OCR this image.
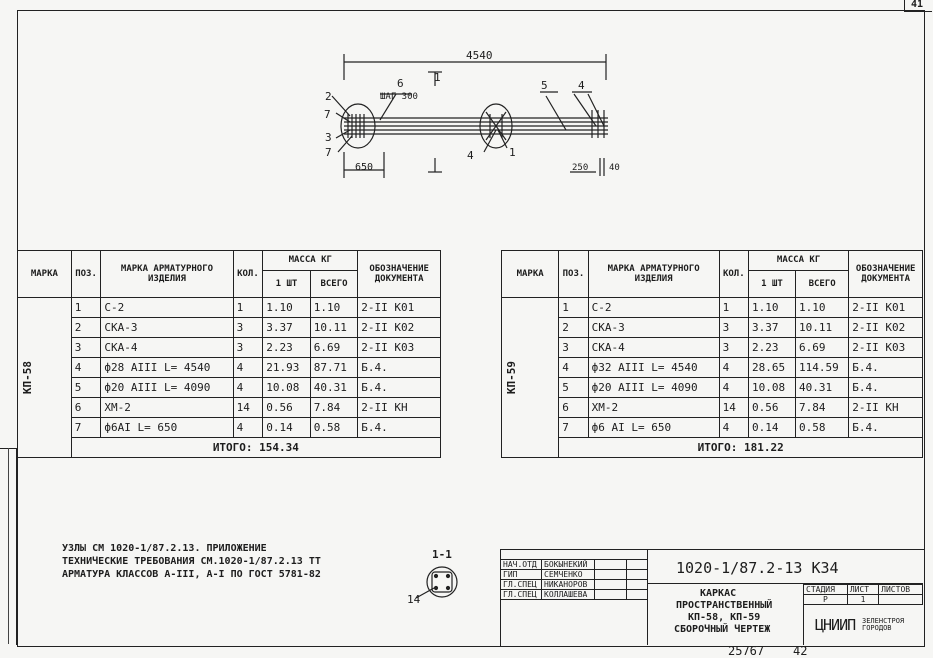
41
4540
ШАГ 300
650	250 40
2
7
3
7
6	1
5	4
4	1
МАРКА	ПОЗ.	МАРКА АРМАТУРНОГО ИЗДЕЛИЯ	КОЛ.	МАССА КГ		ОБОЗНАЧЕНИЕ ДОКУМЕНТА
				1 ШТ	ВСЕГО	

КП-58	1	С-2	1	1.10	1.10	2-II К01
	2	СКА-3	3	3.37	10.11	2-II К02
	3	СКА-4	3	2.23	6.69	2-II К03
	4	ф28 АIII L= 4540	4	21.93	87.71	Б.4.
	5	ф20 АIII L= 4090	4	10.08	40.31	Б.4.
	6	ХМ-2	14	0.56	7.84	2-II КН
	7	ф6АI L= 650	4	0.14	0.58	Б.4.
	ИТОГО: 154.34					
МАРКА	ПОЗ.	МАРКА АРМАТУРНОГО ИЗДЕЛИЯ	КОЛ.	МАССА КГ		ОБОЗНАЧЕНИЕ ДОКУМЕНТА
				1 ШТ	ВСЕГО	

КП-59	1	С-2	1	1.10	1.10	2-II К01
	2	СКА-3	3	3.37	10.11	2-II К02
	3	СКА-4	3	2.23	6.69	2-II К03
	4	ф32 АIII L= 4540	4	28.65	114.59	Б.4.
	5	ф20 АIII L= 4090	4	10.08	40.31	Б.4.
	6	ХМ-2	14	0.56	7.84	2-II КН
	7	ф6 АI L= 650	4	0.14	0.58	Б.4.
	ИТОГО: 181.22					
УЗЛЫ СМ 1020-1/87.2.13. ПРИЛОЖЕНИЕ
ТЕХНИЧЕСКИЕ ТРЕБОВАНИЯ СМ.1020-1/87.2.13 ТТ
АРМАТУРА КЛАССОВ А-III, А-I ПО ГОСТ 5781-82
1-1
14
НАЧ.ОТД	БОКЫНЕКИЙ		
ГИП	СЕМЧЕНКО		
ГЛ.СПЕЦ	НИКАНОРОВ		
ГЛ.СПЕЦ	КОЛЛАШЕВА		
1020-1/87.2-13 КЗ4
КАРКАС
ПРОСТРАНСТВЕННЫЙ
КП-58, КП-59
СБОРОЧНЫЙ ЧЕРТЕЖ
СТАДИЯ	ЛИСТ	ЛИСТОВ
Р	1	
ЦНИИП ЗЕЛЕНСТРОЯ ГОРОДОВ
25767    42
